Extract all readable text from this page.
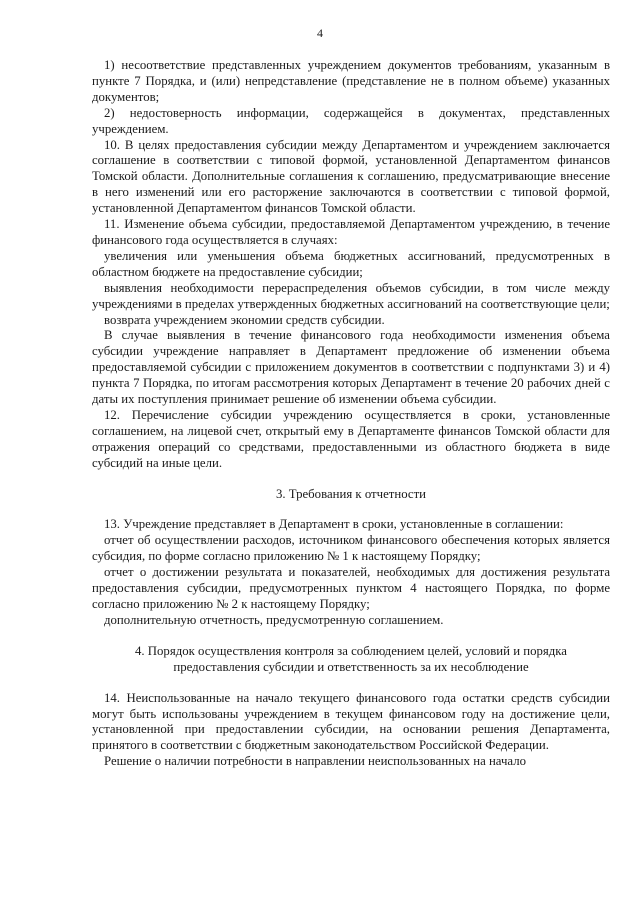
4

1) несоответствие представленных учреждением документов требованиям, указанным в пункте 7 Порядка, и (или) непредставление (представление не в полном объеме) указанных документов;

2) недостоверность информации, содержащейся в документах, представленных учреждением.

10. В целях предоставления субсидии между Департаментом и учреждением заключается соглашение в соответствии с типовой формой, установленной Департаментом финансов Томской области. Дополнительные соглашения к соглашению, предусматривающие внесение в него изменений или его расторжение заключаются в соответствии с типовой формой, установленной Департаментом финансов Томской области.

11. Изменение объема субсидии, предоставляемой Департаментом учреждению, в течение финансового года осуществляется в случаях:

увеличения или уменьшения объема бюджетных ассигнований, предусмотренных в областном бюджете на предоставление субсидии;

выявления необходимости перераспределения объемов субсидии, в том числе между учреждениями в пределах утвержденных бюджетных ассигнований на соответствующие цели;

возврата учреждением экономии средств субсидии.

В случае выявления в течение финансового года необходимости изменения объема субсидии учреждение направляет в Департамент предложение об изменении объема предоставляемой субсидии с приложением документов в соответствии с подпунктами 3) и 4) пункта 7 Порядка, по итогам рассмотрения которых Департамент в течение 20 рабочих дней с даты их поступления принимает решение об изменении объема субсидии.

12. Перечисление субсидии учреждению осуществляется в сроки, установленные соглашением, на лицевой счет, открытый ему в Департаменте финансов Томской области для отражения операций со средствами, предоставленными из областного бюджета в виде субсидий на иные цели.

3. Требования к отчетности

13. Учреждение представляет в Департамент в сроки, установленные в соглашении:

отчет об осуществлении расходов, источником финансового обеспечения которых является субсидия, по форме согласно приложению № 1 к настоящему Порядку;

отчет о достижении результата и показателей, необходимых для достижения результата предоставления субсидии, предусмотренных пунктом 4 настоящего Порядка, по форме согласно приложению № 2 к настоящему Порядку;

дополнительную отчетность, предусмотренную соглашением.

4. Порядок осуществления контроля за соблюдением целей, условий и порядка предоставления субсидии и ответственность за их несоблюдение

14. Неиспользованные на начало текущего финансового года остатки средств субсидии могут быть использованы учреждением в текущем финансовом году на достижение цели, установленной при предоставлении субсидии, на основании решения Департамента, принятого в соответствии с бюджетным законодательством Российской Федерации.

Решение о наличии потребности в направлении неиспользованных на начало
